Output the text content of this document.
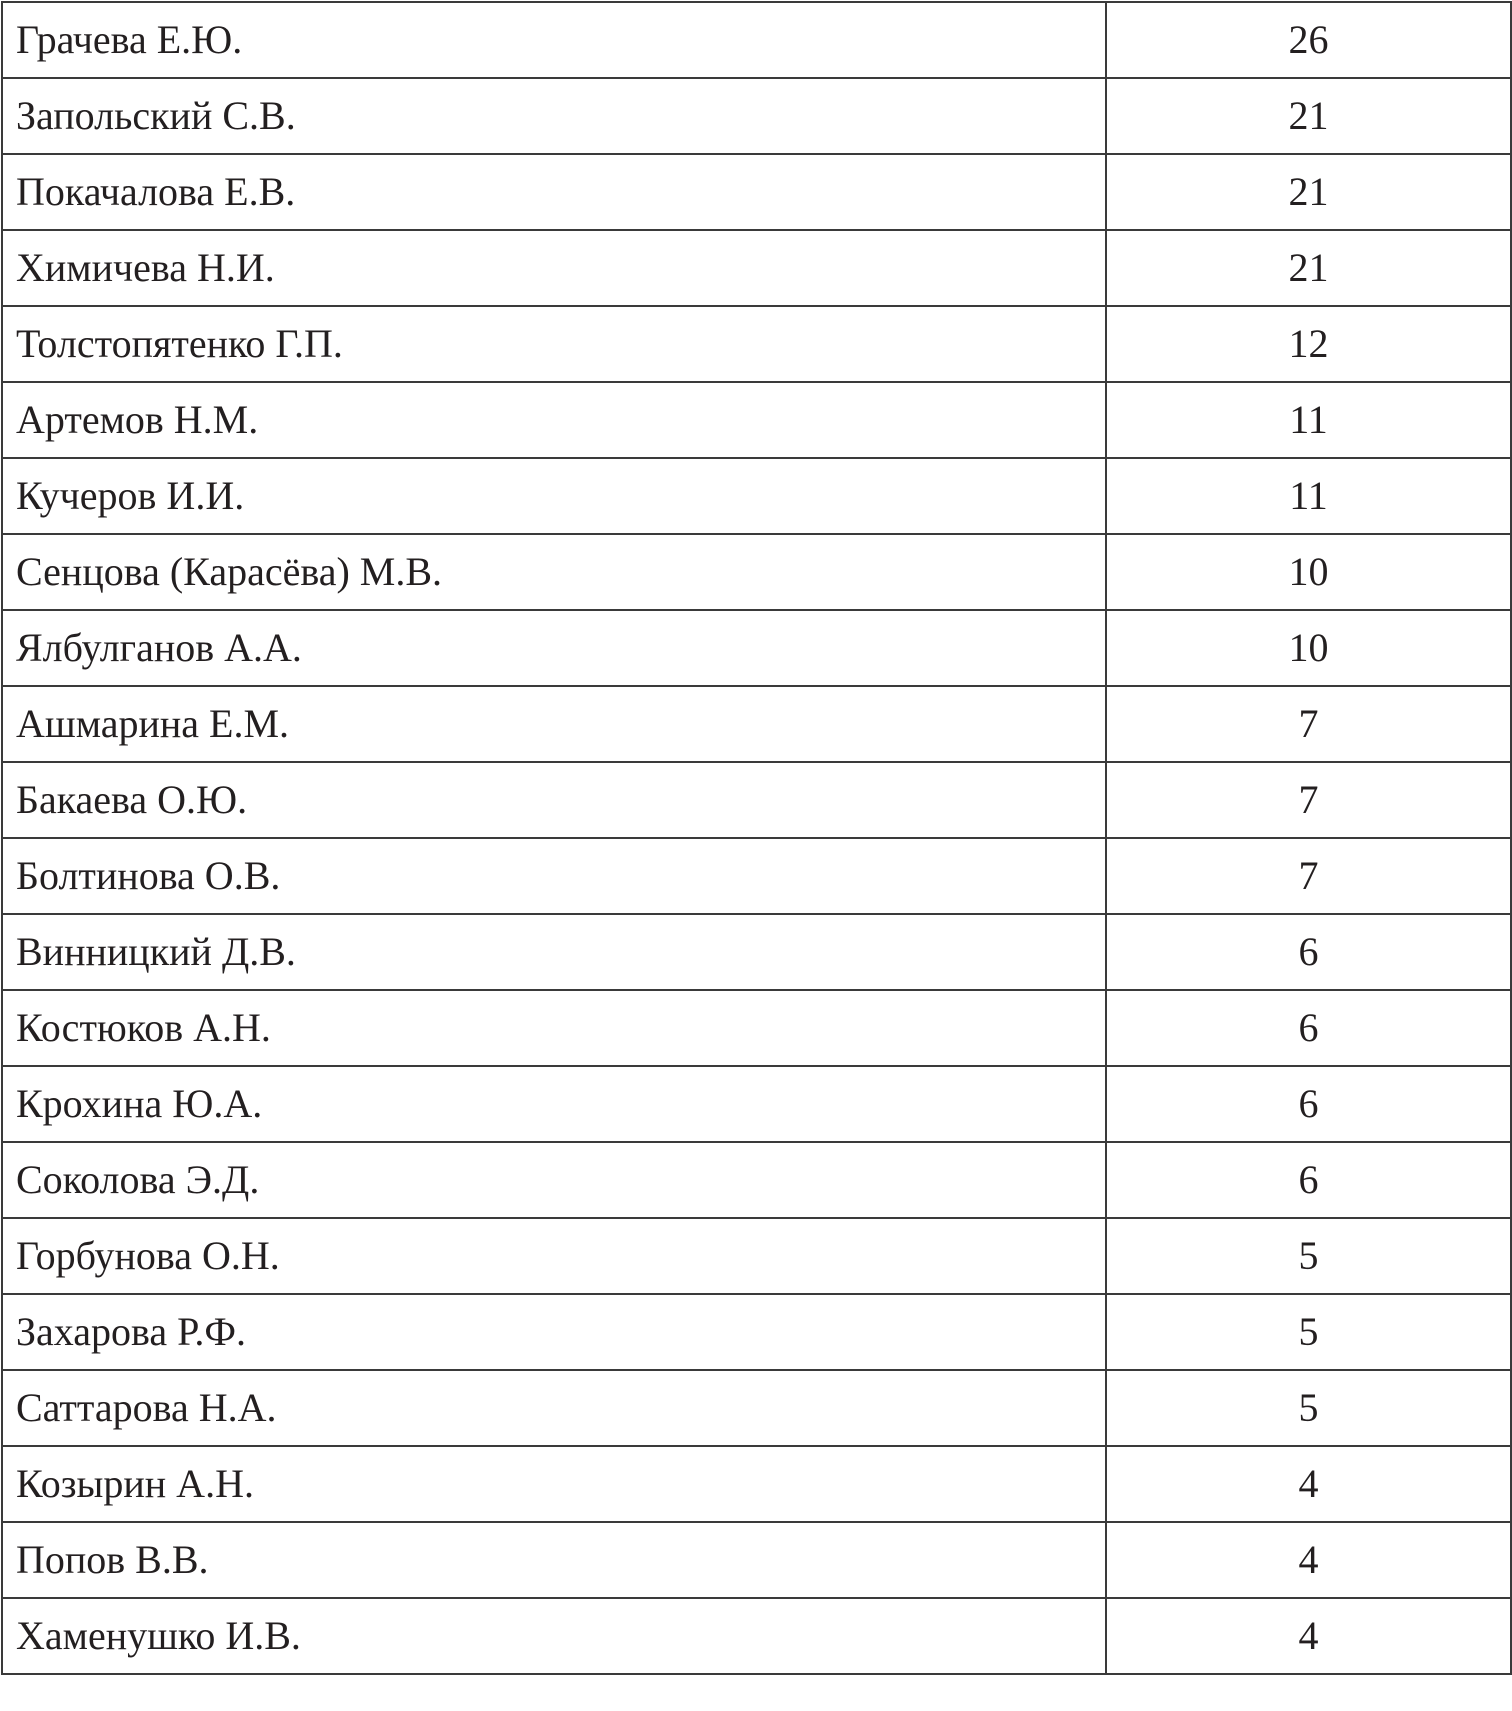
Грачева Е.Ю.	26
Запольский С.В.	21
Покачалова Е.В.	21
Химичева Н.И.	21
Толстопятенко Г.П.	12
Артемов Н.М.	11
Кучеров И.И.	11
Сенцова (Карасёва) М.В.	10
Ялбулганов А.А.	10
Ашмарина Е.М.	7
Бакаева О.Ю.	7
Болтинова О.В.	7
Винницкий Д.В.	6
Костюков А.Н.	6
Крохина Ю.А.	6
Соколова Э.Д.	6
Горбунова О.Н.	5
Захарова Р.Ф.	5
Саттарова Н.А.	5
Козырин А.Н.	4
Попов В.В.	4
Хаменушко И.В.	4
